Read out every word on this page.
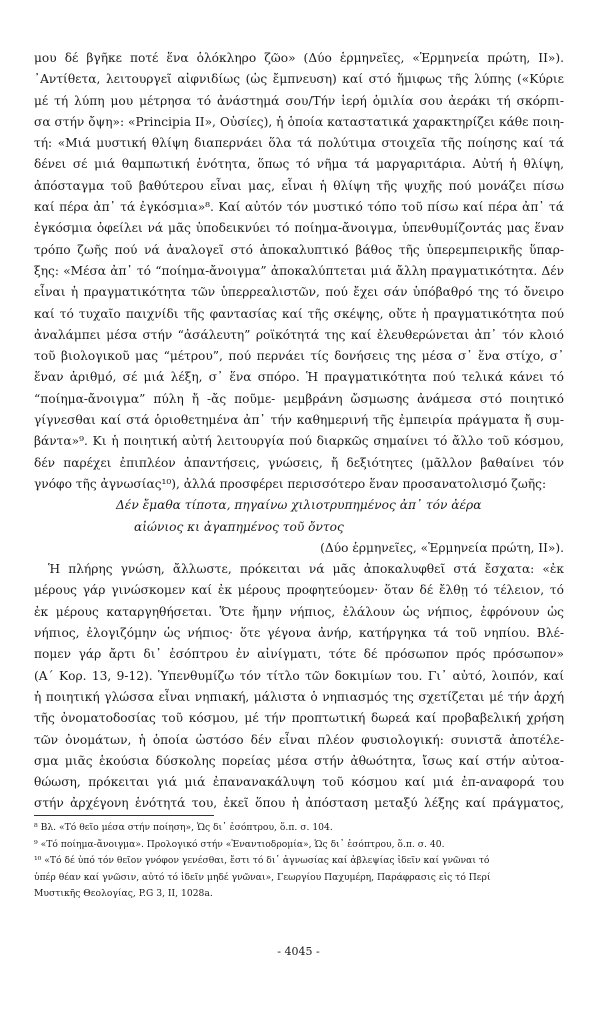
μου δέ βγῆκε ποτέ ἕνα ὁλόκληρο ζῶο» (Δύο ἑρμηνεῖες, «Ἑρμηνεία πρώτη, II»).
᾿Αντίθετα, λειτουργεῖ αἰφνιδίως (ὡς ἔμπνευση) καί στό ἥμιφως τῆς λύπης («Κύριε
μέ τή λύπη μου μέτρησα τό ἀνάστημά σου/Τήν ἱερή ὁμιλία σου ἀεράκι τή σκόρπι-
σα στήν ὄψη»: «Principia II», Οὐσίες), ἡ ὁποία καταστατικά χαρακτηρίζει κάθε ποιη-
τή: «Μιά μυστική θλίψη διαπερνάει ὅλα τά πολύτιμα στοιχεῖα τῆς ποίησης καί τά
δένει σέ μιά θαμπωτική ἑνότητα, ὅπως τό νῆμα τά μαργαριτάρια. Αὐτή ἡ θλίψη,
ἀπόσταγμα τοῦ βαθύτερου εἶναι μας, εἶναι ἡ θλίψη τῆς ψυχῆς πού μονάζει πίσω
καί πέρα ἀπ᾿ τά ἐγκόσμια»⁸. Καί αὐτόν τόν μυστικό τόπο τοῦ πίσω καί πέρα ἀπ᾿ τά
ἐγκόσμια ὀφείλει νά μᾶς ὑποδεικνύει τό ποίημα-ἄνοιγμα, ὑπενθυμίζοντάς μας ἕναν
τρόπο ζωῆς πού νά ἀναλογεῖ στό ἀποκαλυπτικό βάθος τῆς ὑπερεμπειρικῆς ὕπαρ-
ξης: «Μέσα ἀπ᾿ τό “ποίημα-ἄνοιγμα” ἀποκαλύπτεται μιά ἄλλη πραγματικότητα. Δέν
εἶναι ἡ πραγματικότητα τῶν ὑπερρεαλιστῶν, πού ἔχει σάν ὑπόβαθρό της τό ὄνειρο
καί τό τυχαῖο παιχνίδι τῆς φαντασίας καί τῆς σκέψης, οὔτε ἡ πραγματικότητα πού
ἀναλάμπει μέσα στήν “ἀσάλευτη” ροϊκότητά της καί ἐλευθερώνεται ἀπ᾿ τόν κλοιό
τοῦ βιολογικοῦ μας “μέτρου”, πού περνάει τίς δονήσεις της μέσα σ᾿ ἕνα στίχο, σ᾿
ἕναν ἀριθμό, σέ μιά λέξη, σ᾿ ἕνα σπόρο. Ἡ πραγματικότητα πού τελικά κάνει τό
“ποίημα-ἄνοιγμα” πύλη ἤ -ἄς ποῦμε- μεμβράνη ὤσμωσης ἀνάμεσα στό ποιητικό
γίγνεσθαι καί στά ὁριοθετημένα ἀπ᾿ τήν καθημερινή τῆς ἐμπειρία πράγματα ἤ συμ-
βάντα»⁹. Κι ἡ ποιητική αὐτή λειτουργία πού διαρκῶς σημαίνει τό ἄλλο τοῦ κόσμου,
δέν παρέχει ἐπιπλέον ἀπαντήσεις, γνώσεις, ἤ δεξιότητες (μᾶλλον βαθαίνει τόν
γνόφο τῆς ἀγνωσίας¹⁰), ἀλλά προσφέρει περισσότερο ἕναν προσανατολισμό ζωῆς:
Δέν ἔμαθα τίποτα, πηγαίνω χιλιοτρυπημένος ἀπ᾿ τόν ἀέρα
αἰώνιος κι ἀγαπημένος τοῦ ὄντος
(Δύο ἑρμηνεῖες, «Ἑρμηνεία πρώτη, II»).
Ἡ πλήρης γνώση, ἄλλωστε, πρόκειται νά μᾶς ἀποκαλυφθεῖ στά ἔσχατα: «ἐκ
μέρους γάρ γινώσκομεν καί ἐκ μέρους προφητεύομεν· ὅταν δέ ἔλθῃ τό τέλειον, τό
ἐκ μέρους καταργηθήσεται. Ὅτε ἤμην νήπιος, ἐλάλουν ὡς νήπιος, ἐφρόνουν ὡς
νήπιος, ἐλογιζόμην ὡς νήπιος· ὅτε γέγονα ἀνήρ, κατήργηκα τά τοῦ νηπίου. Βλέ-
πομεν γάρ ἄρτι δι᾿ ἐσόπτρου ἐν αἰνίγματι, τότε δέ πρόσωπον πρός πρόσωπον»
(Α΄ Κορ. 13, 9-12). Ὑπενθυμίζω τόν τίτλο τῶν δοκιμίων του. Γι᾿ αὐτό, λοιπόν, καί
ἡ ποιητική γλώσσα εἶναι νηπιακή, μάλιστα ὁ νηπιασμός της σχετίζεται μέ τήν ἀρχή
τῆς ὀνοματοδοσίας τοῦ κόσμου, μέ τήν προπτωτική δωρεά καί προβαβελική χρήση
τῶν ὀνομάτων, ἡ ὁποία ὡστόσο δέν εἶναι πλέον φυσιολογική: συνιστᾶ ἀποτέλε-
σμα μιᾶς ἑκούσια δύσκολης πορείας μέσα στήν ἀθωότητα, ἴσως καί στήν αὐτοα-
θώωση, πρόκειται γιά μιά ἐπανανακάλυψη τοῦ κόσμου καί μιά ἐπ-αναφορά του
στήν ἀρχέγονη ἑνότητά του, ἐκεῖ ὅπου ἡ ἀπόσταση μεταξύ λέξης καί πράγματος,
⁸ Βλ. «Τό θεῖο μέσα στήν ποίηση», Ὡς δι᾿ ἐσόπτρου, ὅ.π. σ. 104.
⁹ «Τό ποίημα-ἄνοιγμα». Προλογικό στήν «Ἐναντιοδρομία», Ὡς δι᾿ ἐσόπτρου, ὅ.π. σ. 40.
¹⁰ «Τό δέ ὑπό τόν θεῖον γνόφον γενέσθαι, ἔστι τό δι᾿ ἀγνωσίας καί ἀβλεψίας ἰδεῖν καί γνῶναι τό
ὑπέρ θέαν καί γνῶσιν, αὐτό τό ἰδεῖν μηδέ γνῶναι», Γεωργίου Παχυμέρη, Παράφρασις εἰς τό Περί
Μυστικῆς Θεολογίας, P.G 3, II, 1028a.
- 4045 -
